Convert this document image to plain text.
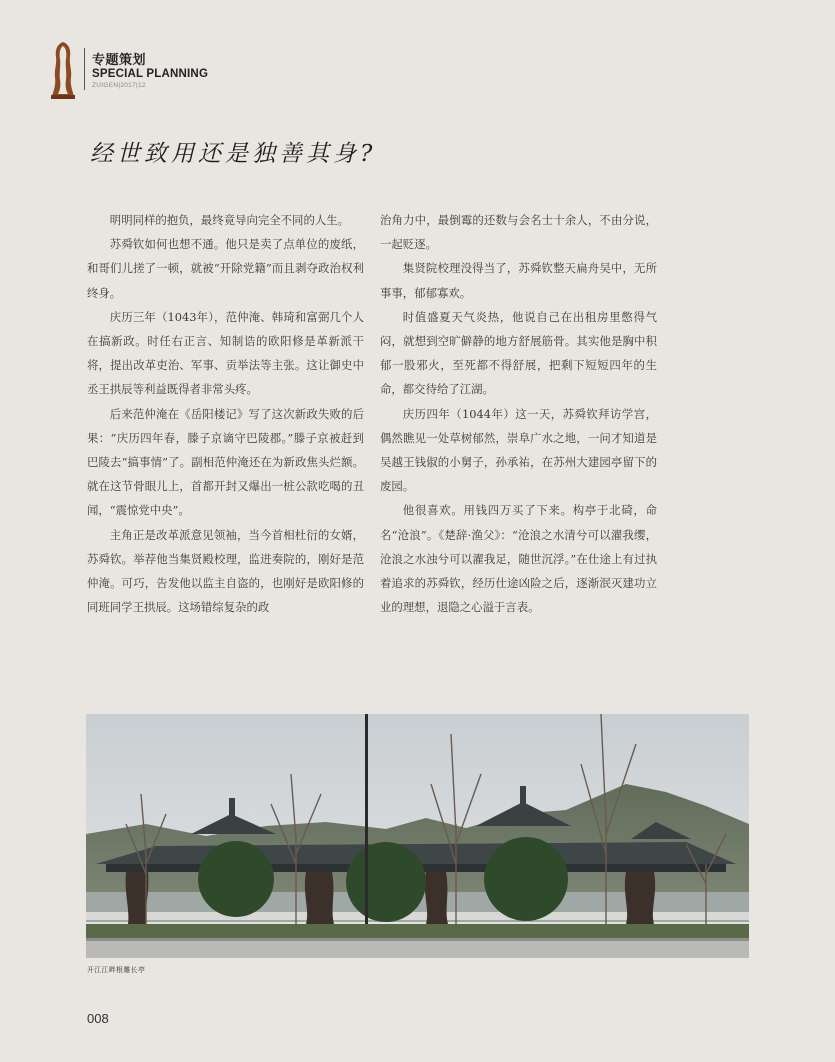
专题策划
SPECIAL PLANNING
ZUIGEN|2017|12
经世致用还是独善其身?

明明同样的抱负，最终竟导向完全不同的人生。

苏舜钦如何也想不通。他只是卖了点单位的废纸，和哥们儿搓了一顿，就被“开除党籍”而且剥夺政治权利终身。

庆历三年（1043年），范仲淹、韩琦和富弼几个人在搞新政。时任右正言、知制诰的欧阳修是革新派干将，提出改革吏治、军事、贡举法等主张。这让御史中丞王拱辰等利益既得者非常头疼。

后来范仲淹在《岳阳楼记》写了这次新政失败的后果：“庆历四年春，滕子京谪守巴陵郡。”滕子京被赶到巴陵去“搞事情”了。副相范仲淹还在为新政焦头烂额。就在这节骨眼儿上，首都开封又爆出一桩公款吃喝的丑闻，“震惊党中央”。

主角正是改革派意见领袖，当今首相杜衍的女婿，苏舜钦。举荐他当集贤殿校理，监进奏院的，刚好是范仲淹。可巧，告发他以监主自盗的，也刚好是欧阳修的同班同学王拱辰。这场错综复杂的政

治角力中，最倒霉的还数与会名士十余人，不由分说，一起贬逐。

集贤院校理没得当了，苏舜钦整天扁舟吴中，无所事事，郁郁寡欢。

时值盛夏天气炎热，他说自己在出租房里憋得气闷，就想到空旷僻静的地方舒展筋骨。其实他是胸中积郁一股邪火，至死都不得舒展，把剩下短短四年的生命，都交待给了江湖。

庆历四年（1044年）这一天，苏舜钦拜访学宫，偶然瞧见一处草树郁然，崇阜广水之地，一问才知道是吴越王钱俶的小舅子，孙承祐，在苏州大建园亭留下的废园。

他很喜欢。用钱四万买了下来。构亭于北碕，命名“沧浪”。《楚辞·渔父》：“沧浪之水清兮可以濯我缨，沧浪之水浊兮可以濯我足，随世沉浮。”在仕途上有过执着追求的苏舜钦，经历仕途凶险之后，逐渐泯灭建功立业的理想，退隐之心溢于言表。

开江江畔根雕长亭
008
